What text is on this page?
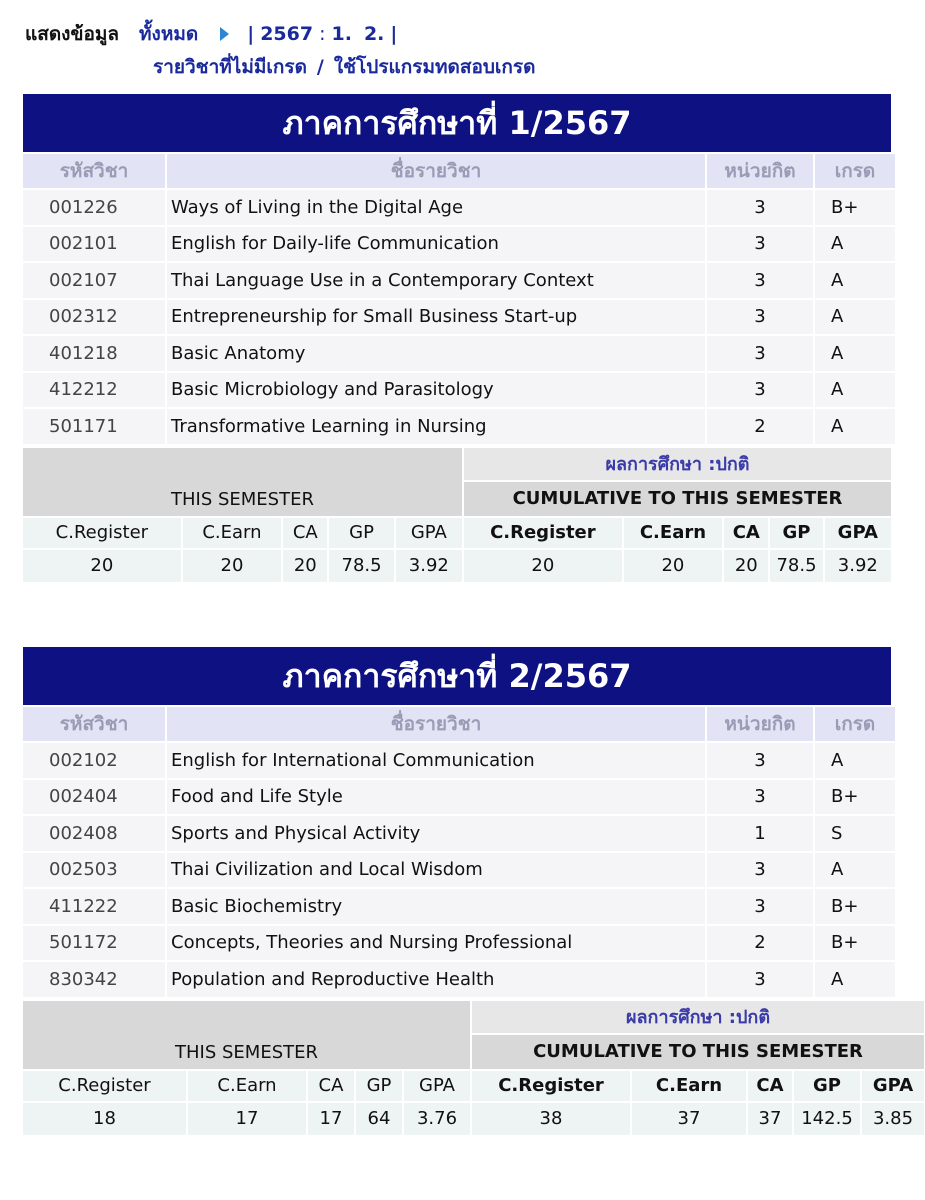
แสดงข้อมูล ทั้งหมด	| 2567 : 1. 2. |
รายวิชาที่ไม่มีเกรด / ใช้โปรแกรมทดสอบเกรด
ภาคการศึกษาที่ 1/2567
รหัสวิชา	ชื่อรายวิชา	หน่วยกิต	เกรด
001226	Ways of Living in the Digital Age	3	B+
002101	English for Daily-life Communication	3	A
002107	Thai Language Use in a Contemporary Context	3	A
002312	Entrepreneurship for Small Business Start-up	3	A
401218	Basic Anatomy	3	A
412212	Basic Microbiology and Parasitology	3	A
501171	Transformative Learning in Nursing	2	A
THIS SEMESTER					ผลการศึกษา :ปกติ				
					CUMULATIVE TO THIS SEMESTER				
C.Register	C.Earn	CA	GP	GPA	C.Register	C.Earn	CA	GP	GPA
20	20	20	78.5	3.92	20	20	20	78.5	3.92
ภาคการศึกษาที่ 2/2567
รหัสวิชา	ชื่อรายวิชา	หน่วยกิต	เกรด
002102	English for International Communication	3	A
002404	Food and Life Style	3	B+
002408	Sports and Physical Activity	1	S
002503	Thai Civilization and Local Wisdom	3	A
411222	Basic Biochemistry	3	B+
501172	Concepts, Theories and Nursing Professional	2	B+
830342	Population and Reproductive Health	3	A
THIS SEMESTER					ผลการศึกษา :ปกติ				
					CUMULATIVE TO THIS SEMESTER				
C.Register	C.Earn	CA	GP	GPA	C.Register	C.Earn	CA	GP	GPA
18	17	17	64	3.76	38	37	37	142.5	3.85
